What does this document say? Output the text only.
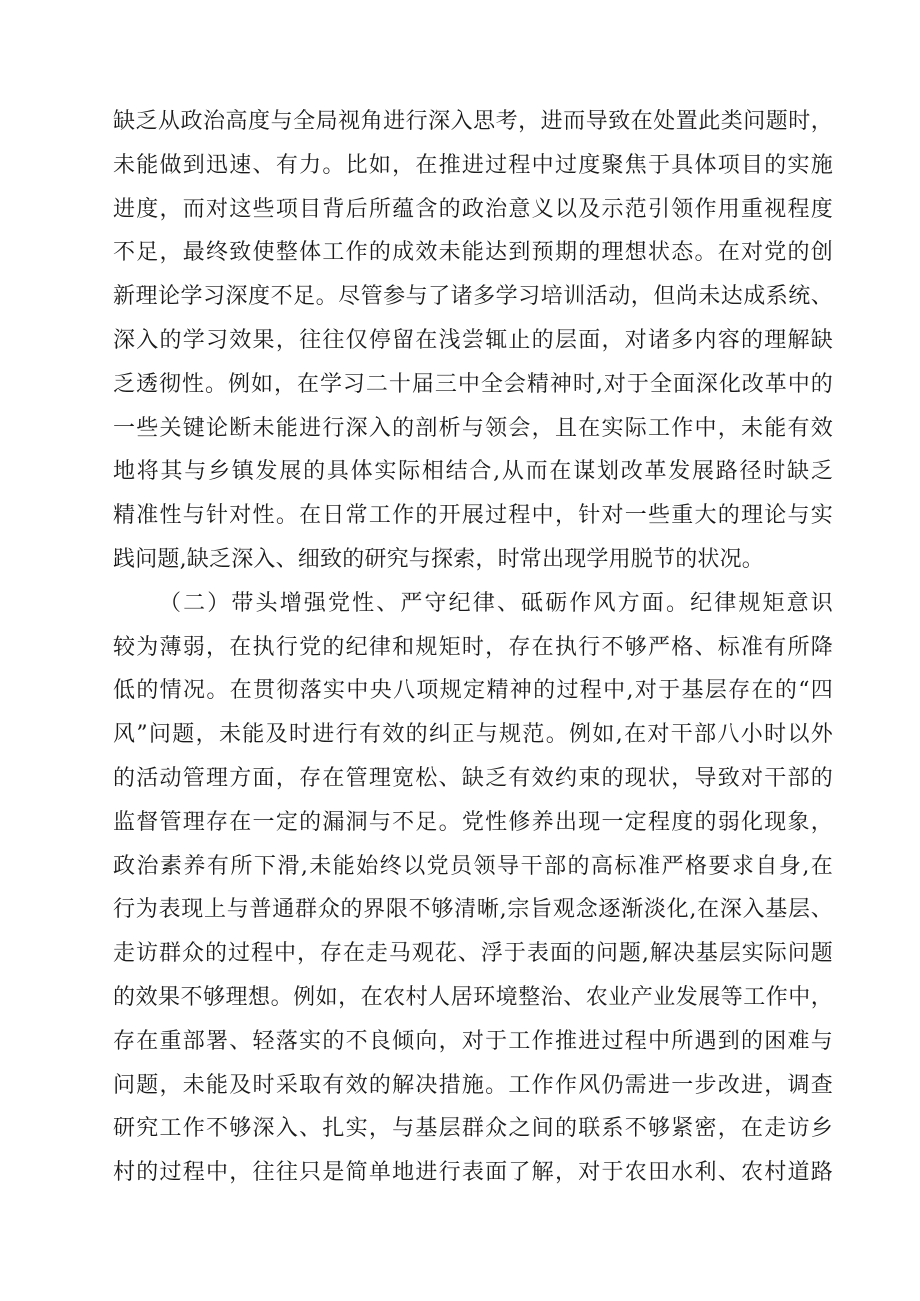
缺乏从政治高度与全局视角进行深入思考，进而导致在处置此类问题时，
未能做到迅速、有力。比如，在推进过程中过度聚焦于具体项目的实施
进度，而对这些项目背后所蕴含的政治意义以及示范引领作用重视程度
不足，最终致使整体工作的成效未能达到预期的理想状态。在对党的创
新理论学习深度不足。尽管参与了诸多学习培训活动，但尚未达成系统、
深入的学习效果，往往仅停留在浅尝辄止的层面，对诸多内容的理解缺
乏透彻性。例如，在学习二十届三中全会精神时,对于全面深化改革中的
一些关键论断未能进行深入的剖析与领会，且在实际工作中，未能有效
地将其与乡镇发展的具体实际相结合,从而在谋划改革发展路径时缺乏
精准性与针对性。在日常工作的开展过程中，针对一些重大的理论与实
践问题,缺乏深入、细致的研究与探索，时常出现学用脱节的状况。
（二）带头增强党性、严守纪律、砥砺作风方面。纪律规矩意识
较为薄弱，在执行党的纪律和规矩时，存在执行不够严格、标准有所降
低的情况。在贯彻落实中央八项规定精神的过程中,对于基层存在的“四
风”问题，未能及时进行有效的纠正与规范。例如,在对干部八小时以外
的活动管理方面，存在管理宽松、缺乏有效约束的现状，导致对干部的
监督管理存在一定的漏洞与不足。党性修养出现一定程度的弱化现象，
政治素养有所下滑,未能始终以党员领导干部的高标准严格要求自身,在
行为表现上与普通群众的界限不够清晰,宗旨观念逐渐淡化,在深入基层、
走访群众的过程中，存在走马观花、浮于表面的问题,解决基层实际问题
的效果不够理想。例如，在农村人居环境整治、农业产业发展等工作中，
存在重部署、轻落实的不良倾向，对于工作推进过程中所遇到的困难与
问题，未能及时采取有效的解决措施。工作作风仍需进一步改进，调查
研究工作不够深入、扎实，与基层群众之间的联系不够紧密，在走访乡
村的过程中，往往只是简单地进行表面了解，对于农田水利、农村道路
